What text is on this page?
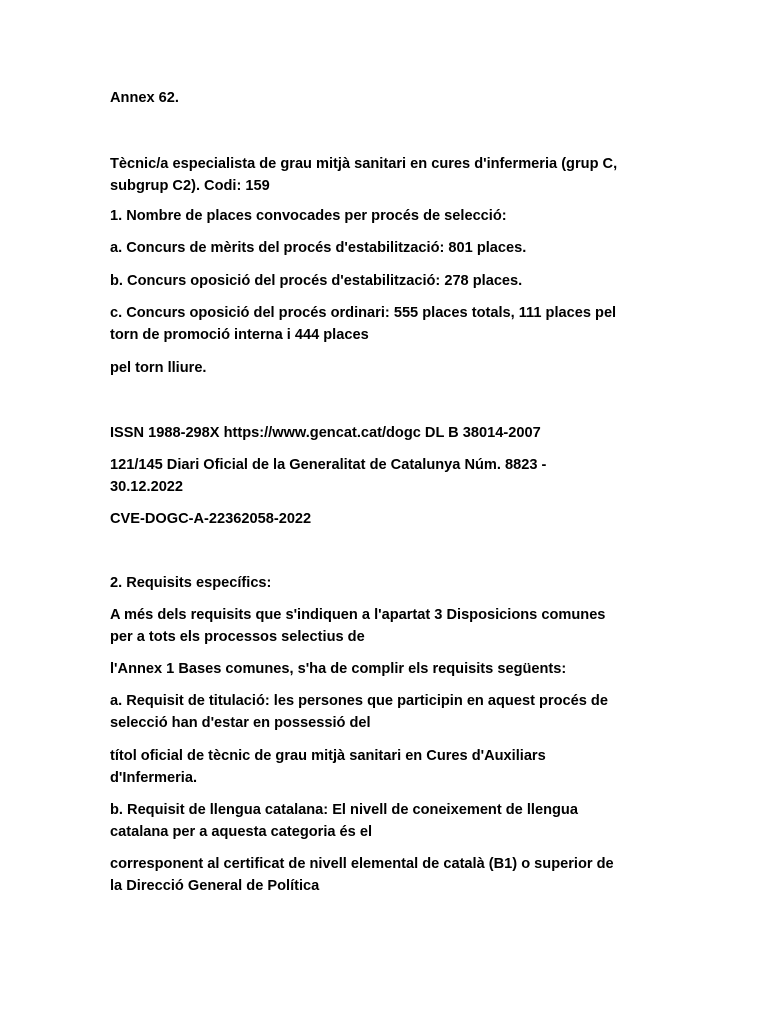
Annex 62.

Tècnic/a especialista de grau mitjà sanitari en cures d'infermeria (grup C,
subgrup C2). Codi: 159

1. Nombre de places convocades per procés de selecció:

a. Concurs de mèrits del procés d'estabilització: 801 places.

b. Concurs oposició del procés d'estabilització: 278 places.

c. Concurs oposició del procés ordinari: 555 places totals, 111 places pel
torn de promoció interna i 444 places

pel torn lliure.

ISSN 1988-298X https://www.gencat.cat/dogc DL B 38014-2007

121/145 Diari Oficial de la Generalitat de Catalunya Núm. 8823 -
30.12.2022

CVE-DOGC-A-22362058-2022

2. Requisits específics:

A més dels requisits que s'indiquen a l'apartat 3 Disposicions comunes
per a tots els processos selectius de

l'Annex 1 Bases comunes, s'ha de complir els requisits següents:

a. Requisit de titulació: les persones que participin en aquest procés de
selecció han d'estar en possessió del

títol oficial de tècnic de grau mitjà sanitari en Cures d'Auxiliars
d'Infermeria.

b. Requisit de llengua catalana: El nivell de coneixement de llengua
catalana per a aquesta categoria és el

corresponent al certificat de nivell elemental de català (B1) o superior de
la Direcció General de Política
